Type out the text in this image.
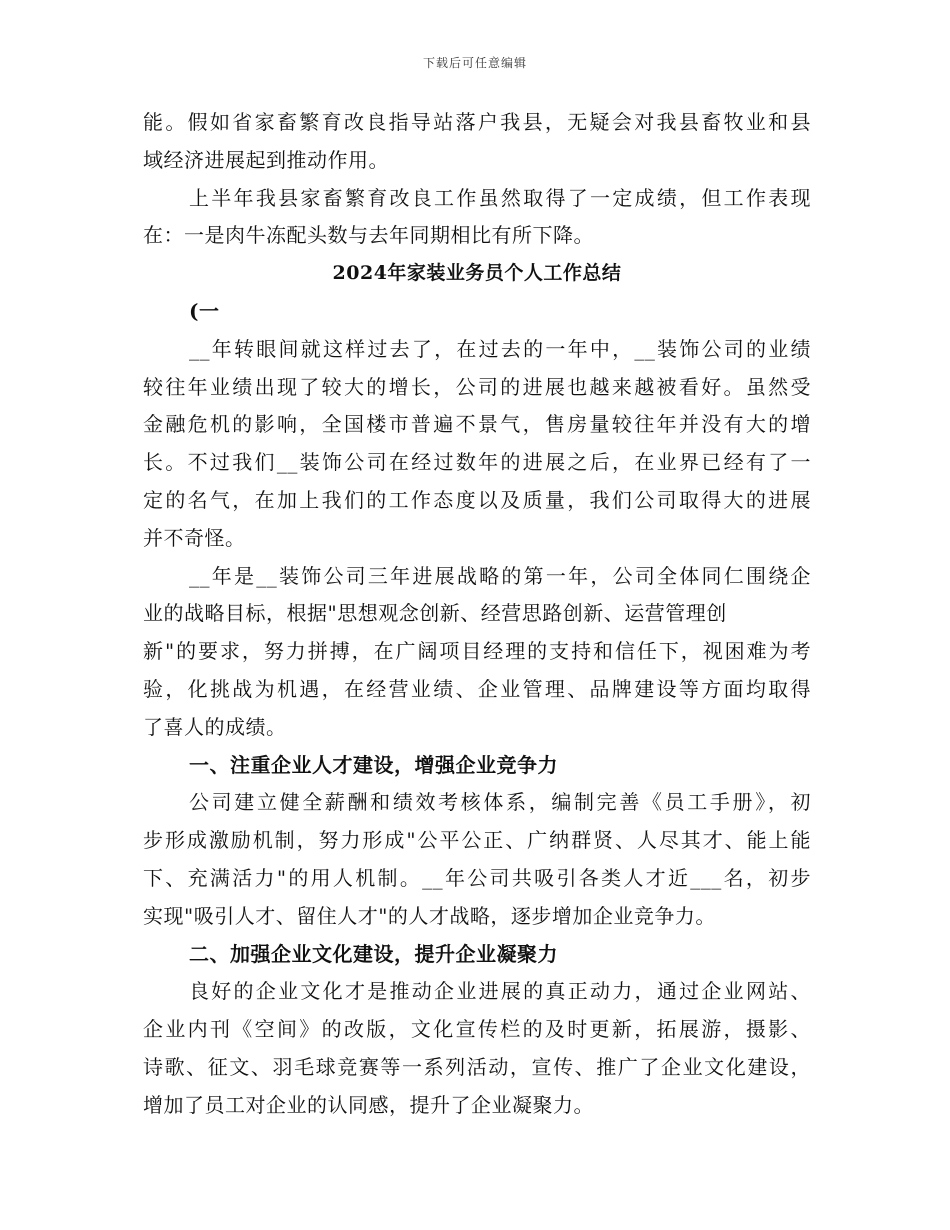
下载后可任意编辑
能。假如省家畜繁育改良指导站落户我县，无疑会对我县畜牧业和县
域经济进展起到推动作用。
上半年我县家畜繁育改良工作虽然取得了一定成绩，但工作表现
在：一是肉牛冻配头数与去年同期相比有所下降。
2024年家装业务员个人工作总结
(一
__年转眼间就这样过去了，在过去的一年中，__装饰公司的业绩
较往年业绩出现了较大的增长，公司的进展也越来越被看好。虽然受
金融危机的影响，全国楼市普遍不景气，售房量较往年并没有大的增
长。不过我们__装饰公司在经过数年的进展之后，在业界已经有了一
定的名气，在加上我们的工作态度以及质量，我们公司取得大的进展
并不奇怪。
__年是__装饰公司三年进展战略的第一年，公司全体同仁围绕企
业的战略目标，根据"思想观念创新、经营思路创新、运营管理创
新"的要求，努力拼搏，在广阔项目经理的支持和信任下，视困难为考
验，化挑战为机遇，在经营业绩、企业管理、品牌建设等方面均取得
了喜人的成绩。
一、注重企业人才建设，增强企业竞争力
公司建立健全薪酬和绩效考核体系，编制完善《员工手册》，初
步形成激励机制，努力形成"公平公正、广纳群贤、人尽其才、能上能
下、充满活力"的用人机制。__年公司共吸引各类人才近___名，初步
实现"吸引人才、留住人才"的人才战略，逐步增加企业竞争力。
二、加强企业文化建设，提升企业凝聚力
良好的企业文化才是推动企业进展的真正动力，通过企业网站、
企业内刊《空间》的改版，文化宣传栏的及时更新，拓展游，摄影、
诗歌、征文、羽毛球竞赛等一系列活动，宣传、推广了企业文化建设，
增加了员工对企业的认同感，提升了企业凝聚力。
